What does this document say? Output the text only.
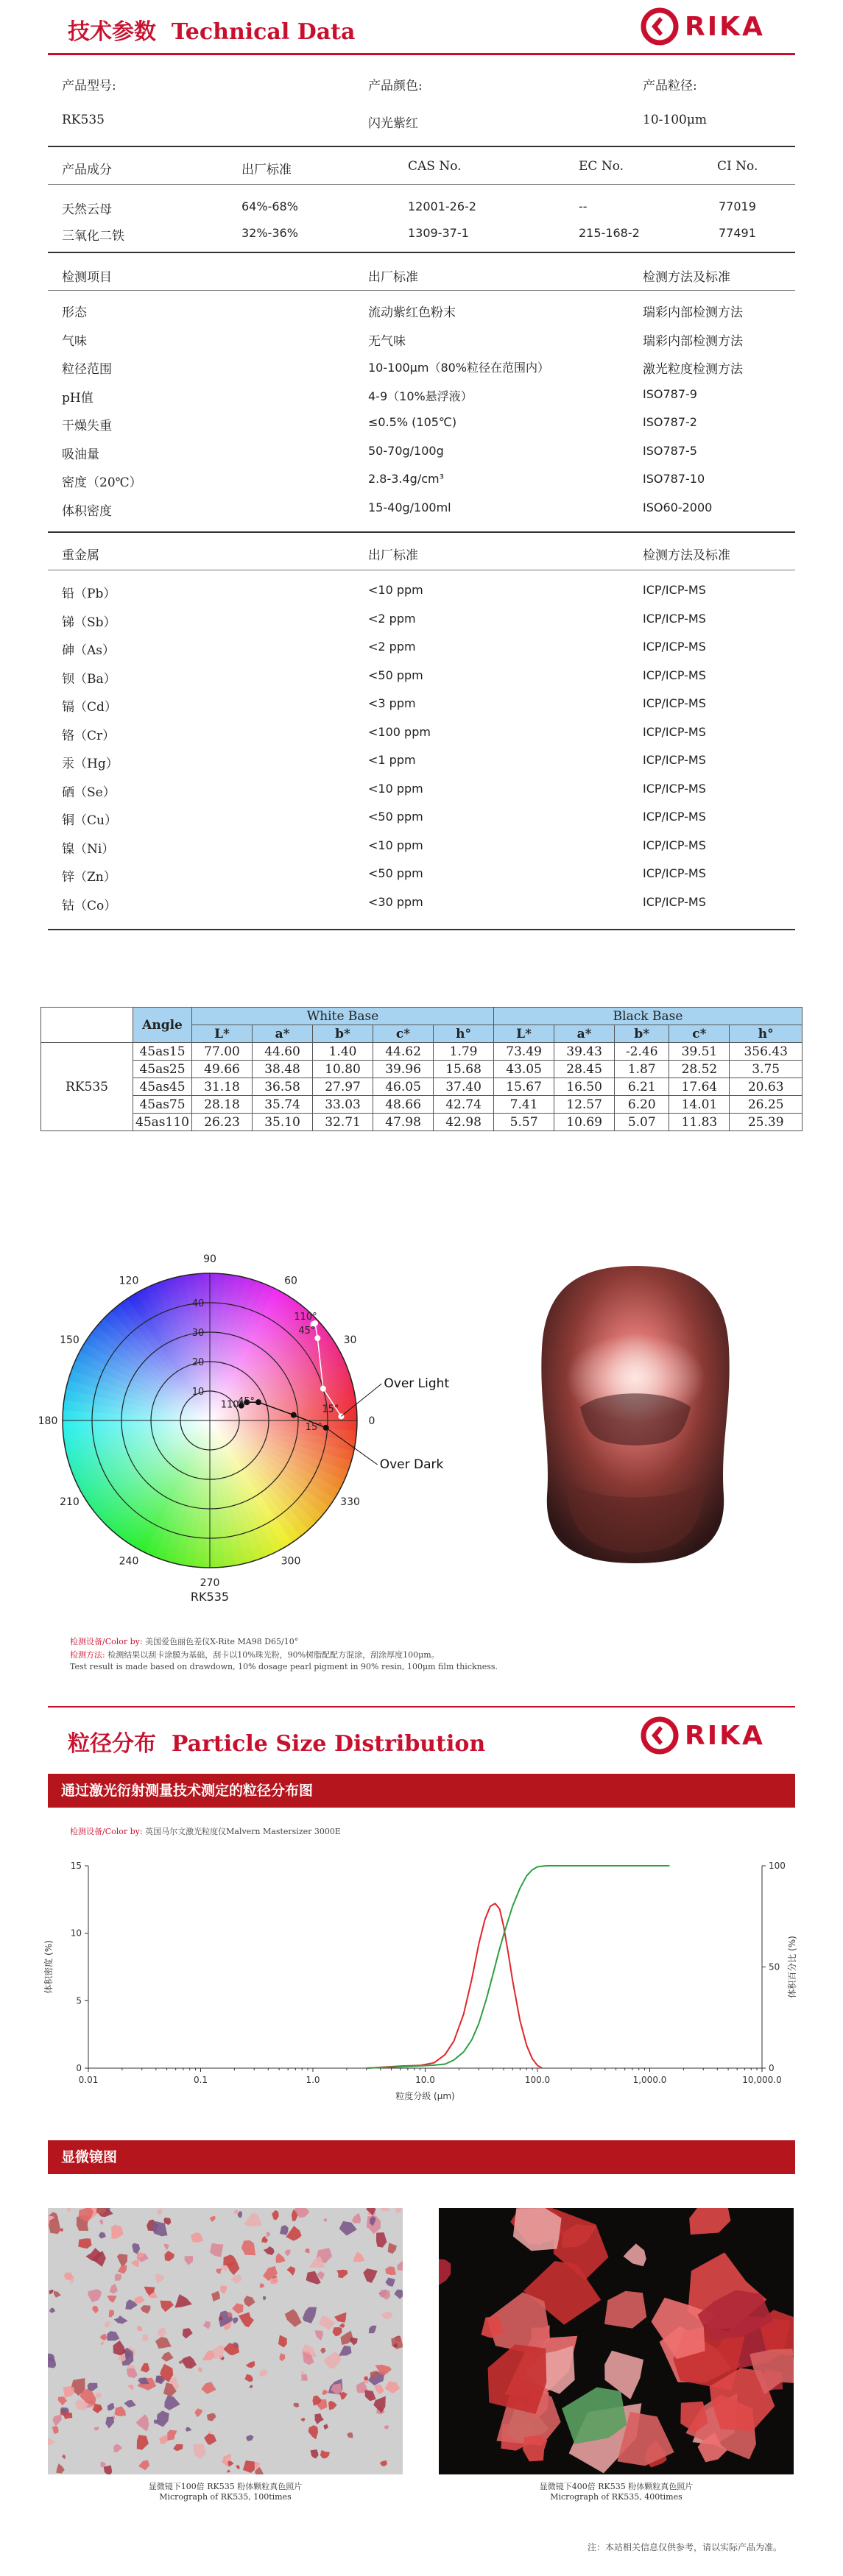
技术参数 Technical Data	RIKA
产品型号:	产品颜色:	产品粒径:
RK535	闪光紫红	10-100μm
产品成分	出厂标准	CAS No.	EC No.	CI No.
天然云母	64%-68%	12001-26-2	--	77019
三氧化二铁	32%-36%	1309-37-1	215-168-2	77491
检测项目	出厂标准	检测方法及标准
形态	流动紫红色粉末	瑞彩内部检测方法
气味	无气味	瑞彩内部检测方法
粒径范围	10-100μm（80%粒径在范围内）	激光粒度检测方法
pH值	4-9（10%悬浮液）	ISO787-9
干燥失重	≤0.5% (105℃)	ISO787-2
吸油量	50-70g/100g	ISO787-5
密度（20℃）	2.8-3.4g/cm³	ISO787-10
体积密度	15-40g/100ml	ISO60-2000
重金属	出厂标准	检测方法及标准
铅（Pb）	<10 ppm	ICP/ICP-MS
锑（Sb）	<2 ppm	ICP/ICP-MS
砷（As）	<2 ppm	ICP/ICP-MS
钡（Ba）	<50 ppm	ICP/ICP-MS
镉（Cd）	<3 ppm	ICP/ICP-MS
铬（Cr）	<100 ppm	ICP/ICP-MS
汞（Hg）	<1 ppm	ICP/ICP-MS
硒（Se）	<10 ppm	ICP/ICP-MS
铜（Cu）	<50 ppm	ICP/ICP-MS
镍（Ni）	<10 ppm	ICP/ICP-MS
锌（Zn）	<50 ppm	ICP/ICP-MS
钴（Co）	<30 ppm	ICP/ICP-MS
	Angle	White Base					Black Base				
		L*	a*	b*	c*	h°	L*	a*	b*	c*	h°
RK535	45as15	77.00	44.60	1.40	44.62	1.79	73.49	39.43	-2.46	39.51	356.43
	45as25	49.66	38.48	10.80	39.96	15.68	43.05	28.45	1.87	28.52	3.75
	45as45	31.18	36.58	27.97	46.05	37.40	15.67	16.50	6.21	17.64	20.63
	45as75	28.18	35.74	33.03	48.66	42.74	7.41	12.57	6.20	14.01	26.25
	45as110	26.23	35.10	32.71	47.98	42.98	5.57	10.69	5.07	11.83	25.39
90
60
30
0
330
300
270
240
210
180
150
120
10
20
30
40
110°
45°
15°
110°
45°
15°
Over Light
Over Dark
RK535
检测设备/Color by: 美国爱色丽色差仪X-Rite MA98 D65/10°
检测方法: 检测结果以刮卡涂膜为基础，刮卡以10%珠光粉，90%树脂配配方混涂，刮涂厚度100μm。
Test result is made based on drawdown, 10% dosage pearl pigment in 90% resin, 100μm film thickness.
粒径分布 Particle Size Distribution	RIKA
通过激光衍射测量技术测定的粒径分布图
检测设备/Color by: 英国马尔文激光粒度仪Malvern Mastersizer 3000E
0.01	0.1	1.0	10.0	100.0	1,000.0	10,000.0
0
5
10
15
0
50
100
粒度分级 (μm)
体积密度 (%)	体积百分比 (%)
显微镜图
显微镜下100倍 RK535 粉体颗粒真色照片
Micrograph of RK535, 100times
显微镜下400倍 RK535 粉体颗粒真色照片
Micrograph of RK535, 400times
注：本站相关信息仅供参考，请以实际产品为准。
